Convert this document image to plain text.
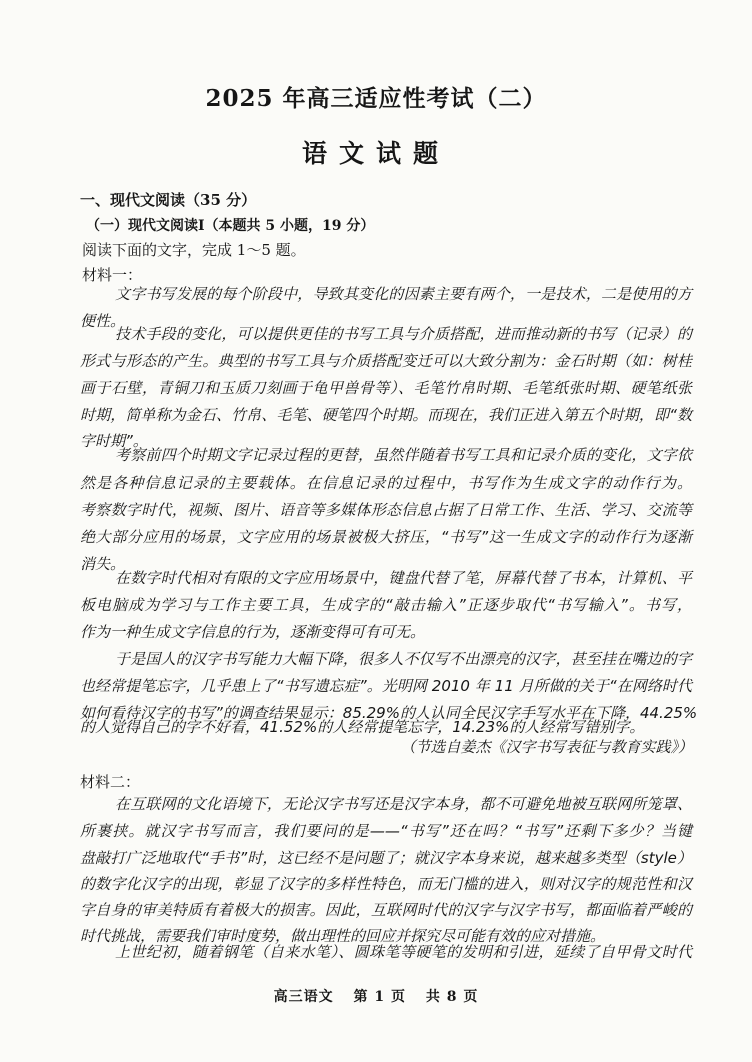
2025 年高三适应性考试（二）
语文试题
一、现代文阅读（35 分）
（一）现代文阅读Ⅰ（本题共 5 小题，19 分）
阅读下面的文字，完成 1～5 题。
材料一：
文字书写发展的每个阶段中，导致其变化的因素主要有两个，一是技术，二是使用的方
便性。
技术手段的变化，可以提供更佳的书写工具与介质搭配，进而推动新的书写（记录）的
形式与形态的产生。典型的书写工具与介质搭配变迁可以大致分割为：金石时期（如：树桂
画于石壁，青铜刀和玉质刀刻画于龟甲兽骨等）、毛笔竹帛时期、毛笔纸张时期、硬笔纸张
时期，简单称为金石、竹帛、毛笔、硬笔四个时期。而现在，我们正进入第五个时期，即“数
字时期”。
考察前四个时期文字记录过程的更替，虽然伴随着书写工具和记录介质的变化，文字依
然是各种信息记录的主要载体。在信息记录的过程中，书写作为生成文字的动作行为。
考察数字时代，视频、图片、语音等多媒体形态信息占据了日常工作、生活、学习、交流等
绝大部分应用的场景，文字应用的场景被极大挤压，“书写”这一生成文字的动作行为逐渐
消失。
在数字时代相对有限的文字应用场景中，键盘代替了笔，屏幕代替了书本，计算机、平
板电脑成为学习与工作主要工具，生成字的“敲击输入”正逐步取代“书写输入”。书写，
作为一种生成文字信息的行为，逐渐变得可有可无。
于是国人的汉字书写能力大幅下降，很多人不仅写不出漂亮的汉字，甚至挂在嘴边的字
也经常提笔忘字，几乎患上了“书写遗忘症”。光明网 2010 年 11 月所做的关于“在网络时代
如何看待汉字的书写”的调查结果显示：85.29%的人认同全民汉字手写水平在下降，44.25%
的人觉得自己的字不好看，41.52%的人经常提笔忘字，14.23%的人经常写错别字。
（节选自姜杰《汉字书写表征与教育实践》）
材料二：
在互联网的文化语境下，无论汉字书写还是汉字本身，都不可避免地被互联网所笼罩、
所裹挟。就汉字书写而言，我们要问的是——“书写”还在吗？“书写”还剩下多少？当键
盘敲打广泛地取代“手书”时，这已经不是问题了；就汉字本身来说，越来越多类型（style）
的数字化汉字的出现，彰显了汉字的多样性特色，而无门槛的进入，则对汉字的规范性和汉
字自身的审美特质有着极大的损害。因此，互联网时代的汉字与汉字书写，都面临着严峻的
时代挑战，需要我们审时度势，做出理性的回应并探究尽可能有效的应对措施。
上世纪初，随着钢笔（自来水笔）、圆珠笔等硬笔的发明和引进，延续了自甲骨文时代
高三语文 第 1 页 共 8 页
